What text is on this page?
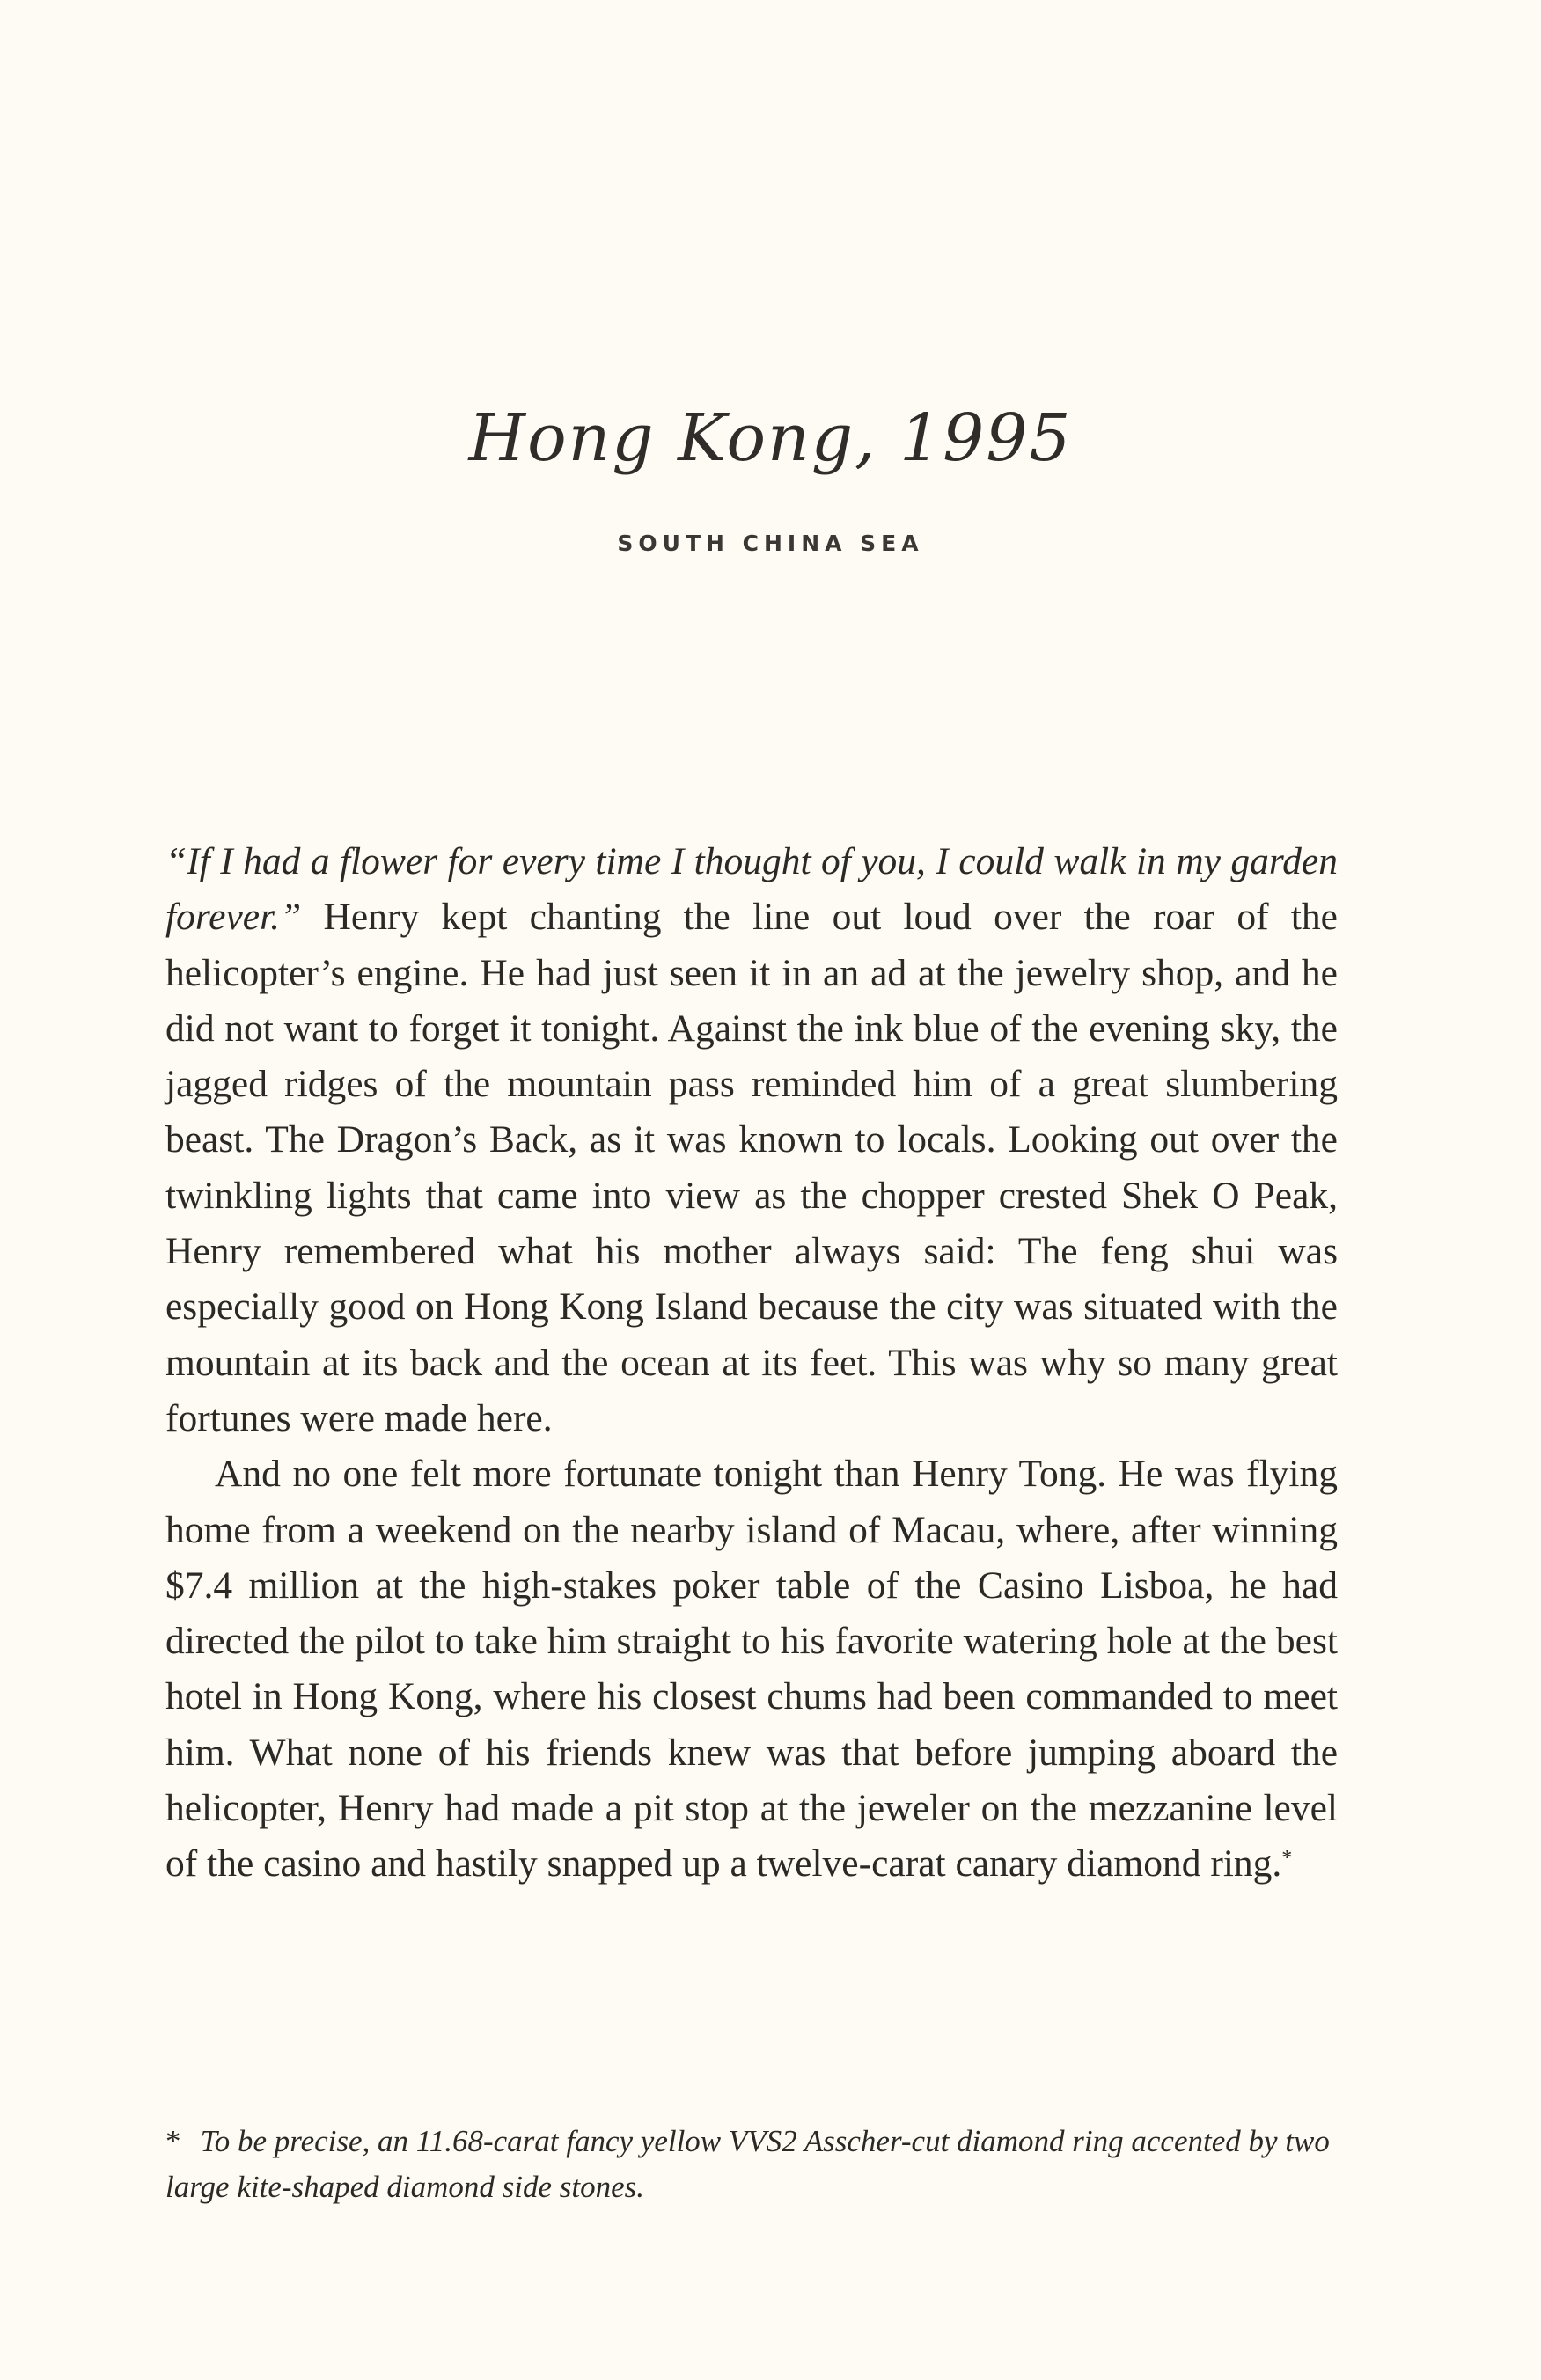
Hong Kong, 1995
SOUTH CHINA SEA

“If I had a flower for every time I thought of you, I could walk in my garden forever.” Henry kept chanting the line out loud over the roar of the helicopter’s engine. He had just seen it in an ad at the jewelry shop, and he did not want to forget it tonight. Against the ink blue of the evening sky, the jagged ridges of the mountain pass reminded him of a great slumbering beast. The Dragon’s Back, as it was known to locals. Looking out over the twinkling lights that came into view as the chopper crested Shek O Peak, Henry remembered what his mother always said: The feng shui was especially good on Hong Kong Island because the city was situated with the mountain at its back and the ocean at its feet. This was why so many great fortunes were made here.

And no one felt more fortunate tonight than Henry Tong. He was flying home from a weekend on the nearby island of Macau, where, after winning $7.4 million at the high-stakes poker table of the Casino Lisboa, he had directed the pilot to take him straight to his favorite watering hole at the best hotel in Hong Kong, where his closest chums had been commanded to meet him. What none of his friends knew was that before jumping aboard the helicopter, Henry had made a pit stop at the jeweler on the mezzanine level of the casino and hastily snapped up a twelve-carat canary diamond ring.*

* To be precise, an 11.68-carat fancy yellow VVS2 Asscher-cut diamond ring accented by two large kite-shaped diamond side stones.
